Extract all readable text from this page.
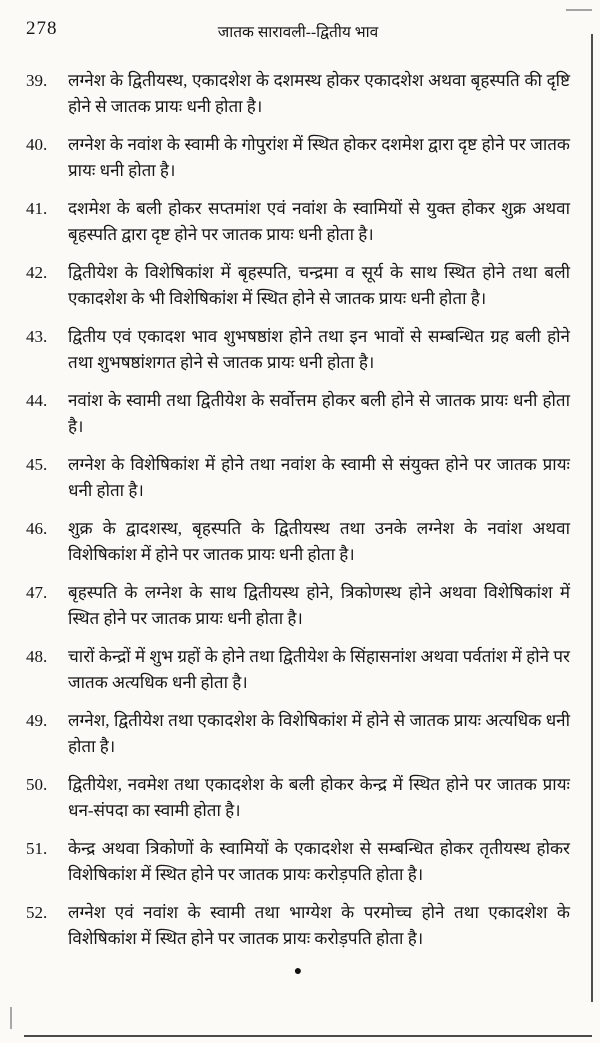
278	जातक सारावली--द्वितीय भाव
39.	लग्नेश के द्वितीयस्थ, एकादशेश के दशमस्थ होकर एकादशेश अथवा बृहस्पति की दृष्टि होने से जातक प्रायः धनी होता है।
40.	लग्नेश के नवांश के स्वामी के गोपुरांश में स्थित होकर दशमेश द्वारा दृष्ट होने पर जातक प्रायः धनी होता है।
41.	दशमेश के बली होकर सप्तमांश एवं नवांश के स्वामियों से युक्त होकर शुक्र अथवा बृहस्पति द्वारा दृष्ट होने पर जातक प्रायः धनी होता है।
42.	द्वितीयेश के विशेषिकांश में बृहस्पति, चन्द्रमा व सूर्य के साथ स्थित होने तथा बली एकादशेश के भी विशेषिकांश में स्थित होने से जातक प्रायः धनी होता है।
43.	द्वितीय एवं एकादश भाव शुभषष्ठांश होने तथा इन भावों से सम्बन्धित ग्रह बली होने तथा शुभषष्ठांशगत होने से जातक प्रायः धनी होता है।
44.	नवांश के स्वामी तथा द्वितीयेश के सर्वोत्तम होकर बली होने से जातक प्रायः धनी होता है।
45.	लग्नेश के विशेषिकांश में होने तथा नवांश के स्वामी से संयुक्त होने पर जातक प्रायः धनी होता है।
46.	शुक्र के द्वादशस्थ, बृहस्पति के द्वितीयस्थ तथा उनके लग्नेश के नवांश अथवा विशेषिकांश में होने पर जातक प्रायः धनी होता है।
47.	बृहस्पति के लग्नेश के साथ द्वितीयस्थ होने, त्रिकोणस्थ होने अथवा विशेषिकांश में स्थित होने पर जातक प्रायः धनी होता है।
48.	चारों केन्द्रों में शुभ ग्रहों के होने तथा द्वितीयेश के सिंहासनांश अथवा पर्वतांश में होने पर जातक अत्यधिक धनी होता है।
49.	लग्नेश, द्वितीयेश तथा एकादशेश के विशेषिकांश में होने से जातक प्रायः अत्यधिक धनी होता है।
50.	द्वितीयेश, नवमेश तथा एकादशेश के बली होकर केन्द्र में स्थित होने पर जातक प्रायः धन-संपदा का स्वामी होता है।
51.	केन्द्र अथवा त्रिकोणों के स्वामियों के एकादशेश से सम्बन्धित होकर तृतीयस्थ होकर विशेषिकांश में स्थित होने पर जातक प्रायः करोड़पति होता है।
52.	लग्नेश एवं नवांश के स्वामी तथा भाग्येश के परमोच्च होने तथा एकादशेश के विशेषिकांश में स्थित होने पर जातक प्रायः करोड़पति होता है।
●
